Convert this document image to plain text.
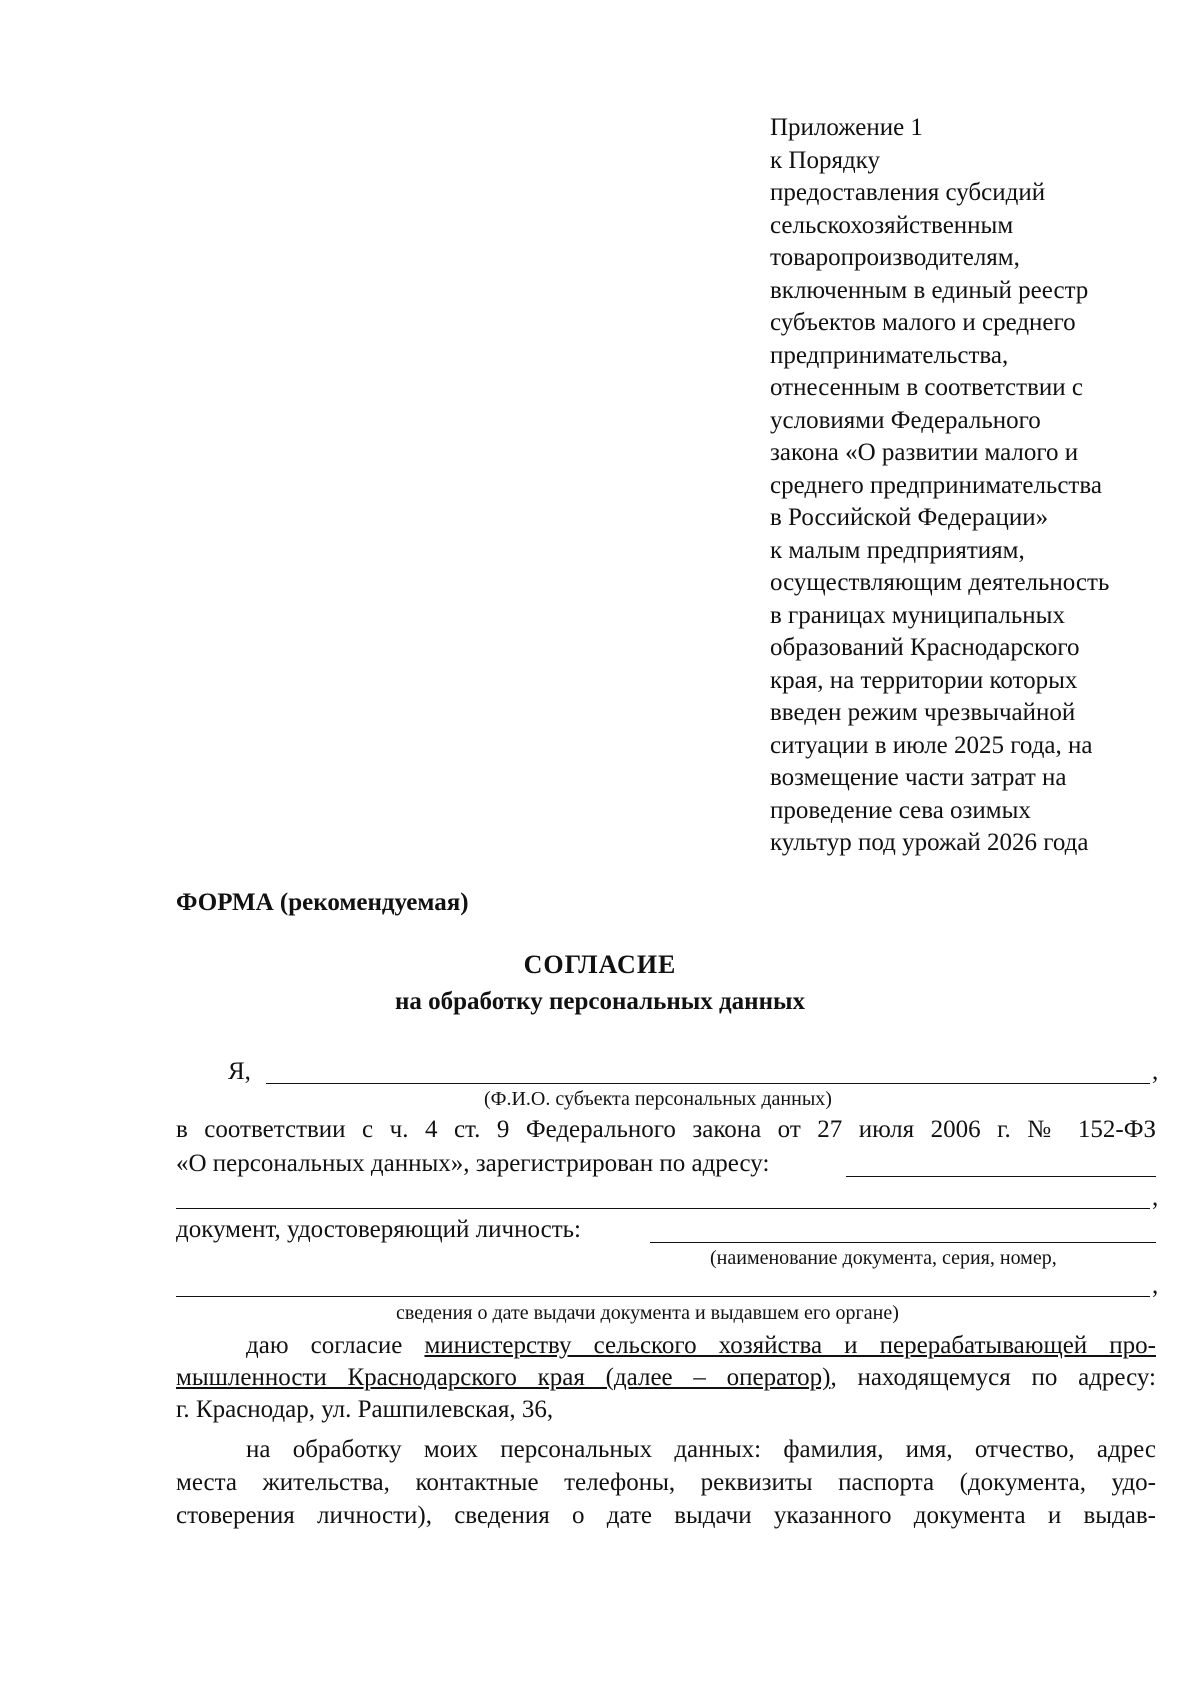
Приложение 1
к Порядку
предоставления субсидий
сельскохозяйственным
товаропроизводителям,
включенным в единый реестр
субъектов малого и среднего
предпринимательства,
отнесенным в соответствии с
условиями Федерального
закона «О развитии малого и
среднего предпринимательства
в Российской Федерации»
к малым предприятиям,
осуществляющим деятельность
в границах муниципальных
образований Краснодарского
края, на территории которых
введен режим чрезвычайной
ситуации в июле 2025 года, на
возмещение части затрат на
проведение сева озимых
культур под урожай 2026 года
ФОРМА (рекомендуемая)
СОГЛАСИЕ
на обработку персональных данных
Я,	,
(Ф.И.О. субъекта персональных данных)
в соответствии с ч. 4 ст. 9 Федерального закона от 27 июля 2006 г. № 152-ФЗ
«О персональных данных», зарегистрирован по адресу:
,
документ, удостоверяющий личность:
(наименование документа, серия, номер,
,
сведения о дате выдачи документа и выдавшем его органе)
даю согласие министерству сельского хозяйства и перерабатывающей про-
мышленности Краснодарского края (далее – оператор), находящемуся по адресу:
г. Краснодар, ул. Рашпилевская, 36,
на обработку моих персональных данных: фамилия, имя, отчество, адрес
места жительства, контактные телефоны, реквизиты паспорта (документа, удо-
стоверения личности), сведения о дате выдачи указанного документа и выдав-
